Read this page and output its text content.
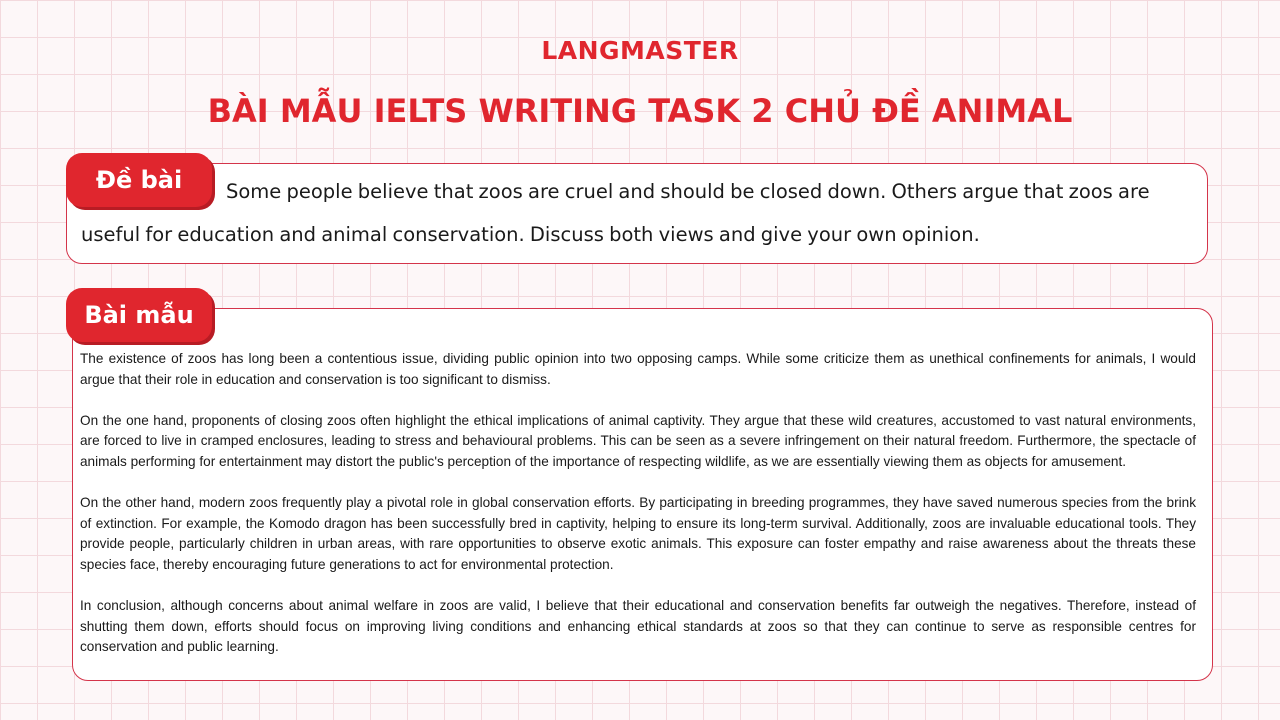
LANGMASTER
BÀI MẪU IELTS WRITING TASK 2 CHỦ ĐỀ ANIMAL

Some people believe that zoos are cruel and should be closed down. Others argue that zoos are useful for education and animal conservation. Discuss both views and give your own opinion.

Đề bài

The existence of zoos has long been a contentious issue, dividing public opinion into two opposing camps. While some criticize them as unethical confinements for animals, I would argue that their role in education and conservation is too significant to dismiss.

On the one hand, proponents of closing zoos often highlight the ethical implications of animal captivity. They argue that these wild creatures, accustomed to vast natural environments, are forced to live in cramped enclosures, leading to stress and behavioural problems. This can be seen as a severe infringement on their natural freedom. Furthermore, the spectacle of animals performing for entertainment may distort the public's perception of the importance of respecting wildlife, as we are essentially viewing them as objects for amusement.

On the other hand, modern zoos frequently play a pivotal role in global conservation efforts. By participating in breeding programmes, they have saved numerous species from the brink of extinction. For example, the Komodo dragon has been successfully bred in captivity, helping to ensure its long-term survival. Additionally, zoos are invaluable educational tools. They provide people, particularly children in urban areas, with rare opportunities to observe exotic animals. This exposure can foster empathy and raise awareness about the threats these species face, thereby encouraging future generations to act for environmental protection.

In conclusion, although concerns about animal welfare in zoos are valid, I believe that their educational and conservation benefits far outweigh the negatives. Therefore, instead of shutting them down, efforts should focus on improving living conditions and enhancing ethical standards at zoos so that they can continue to serve as responsible centres for conservation and public learning.

Bài mẫu
